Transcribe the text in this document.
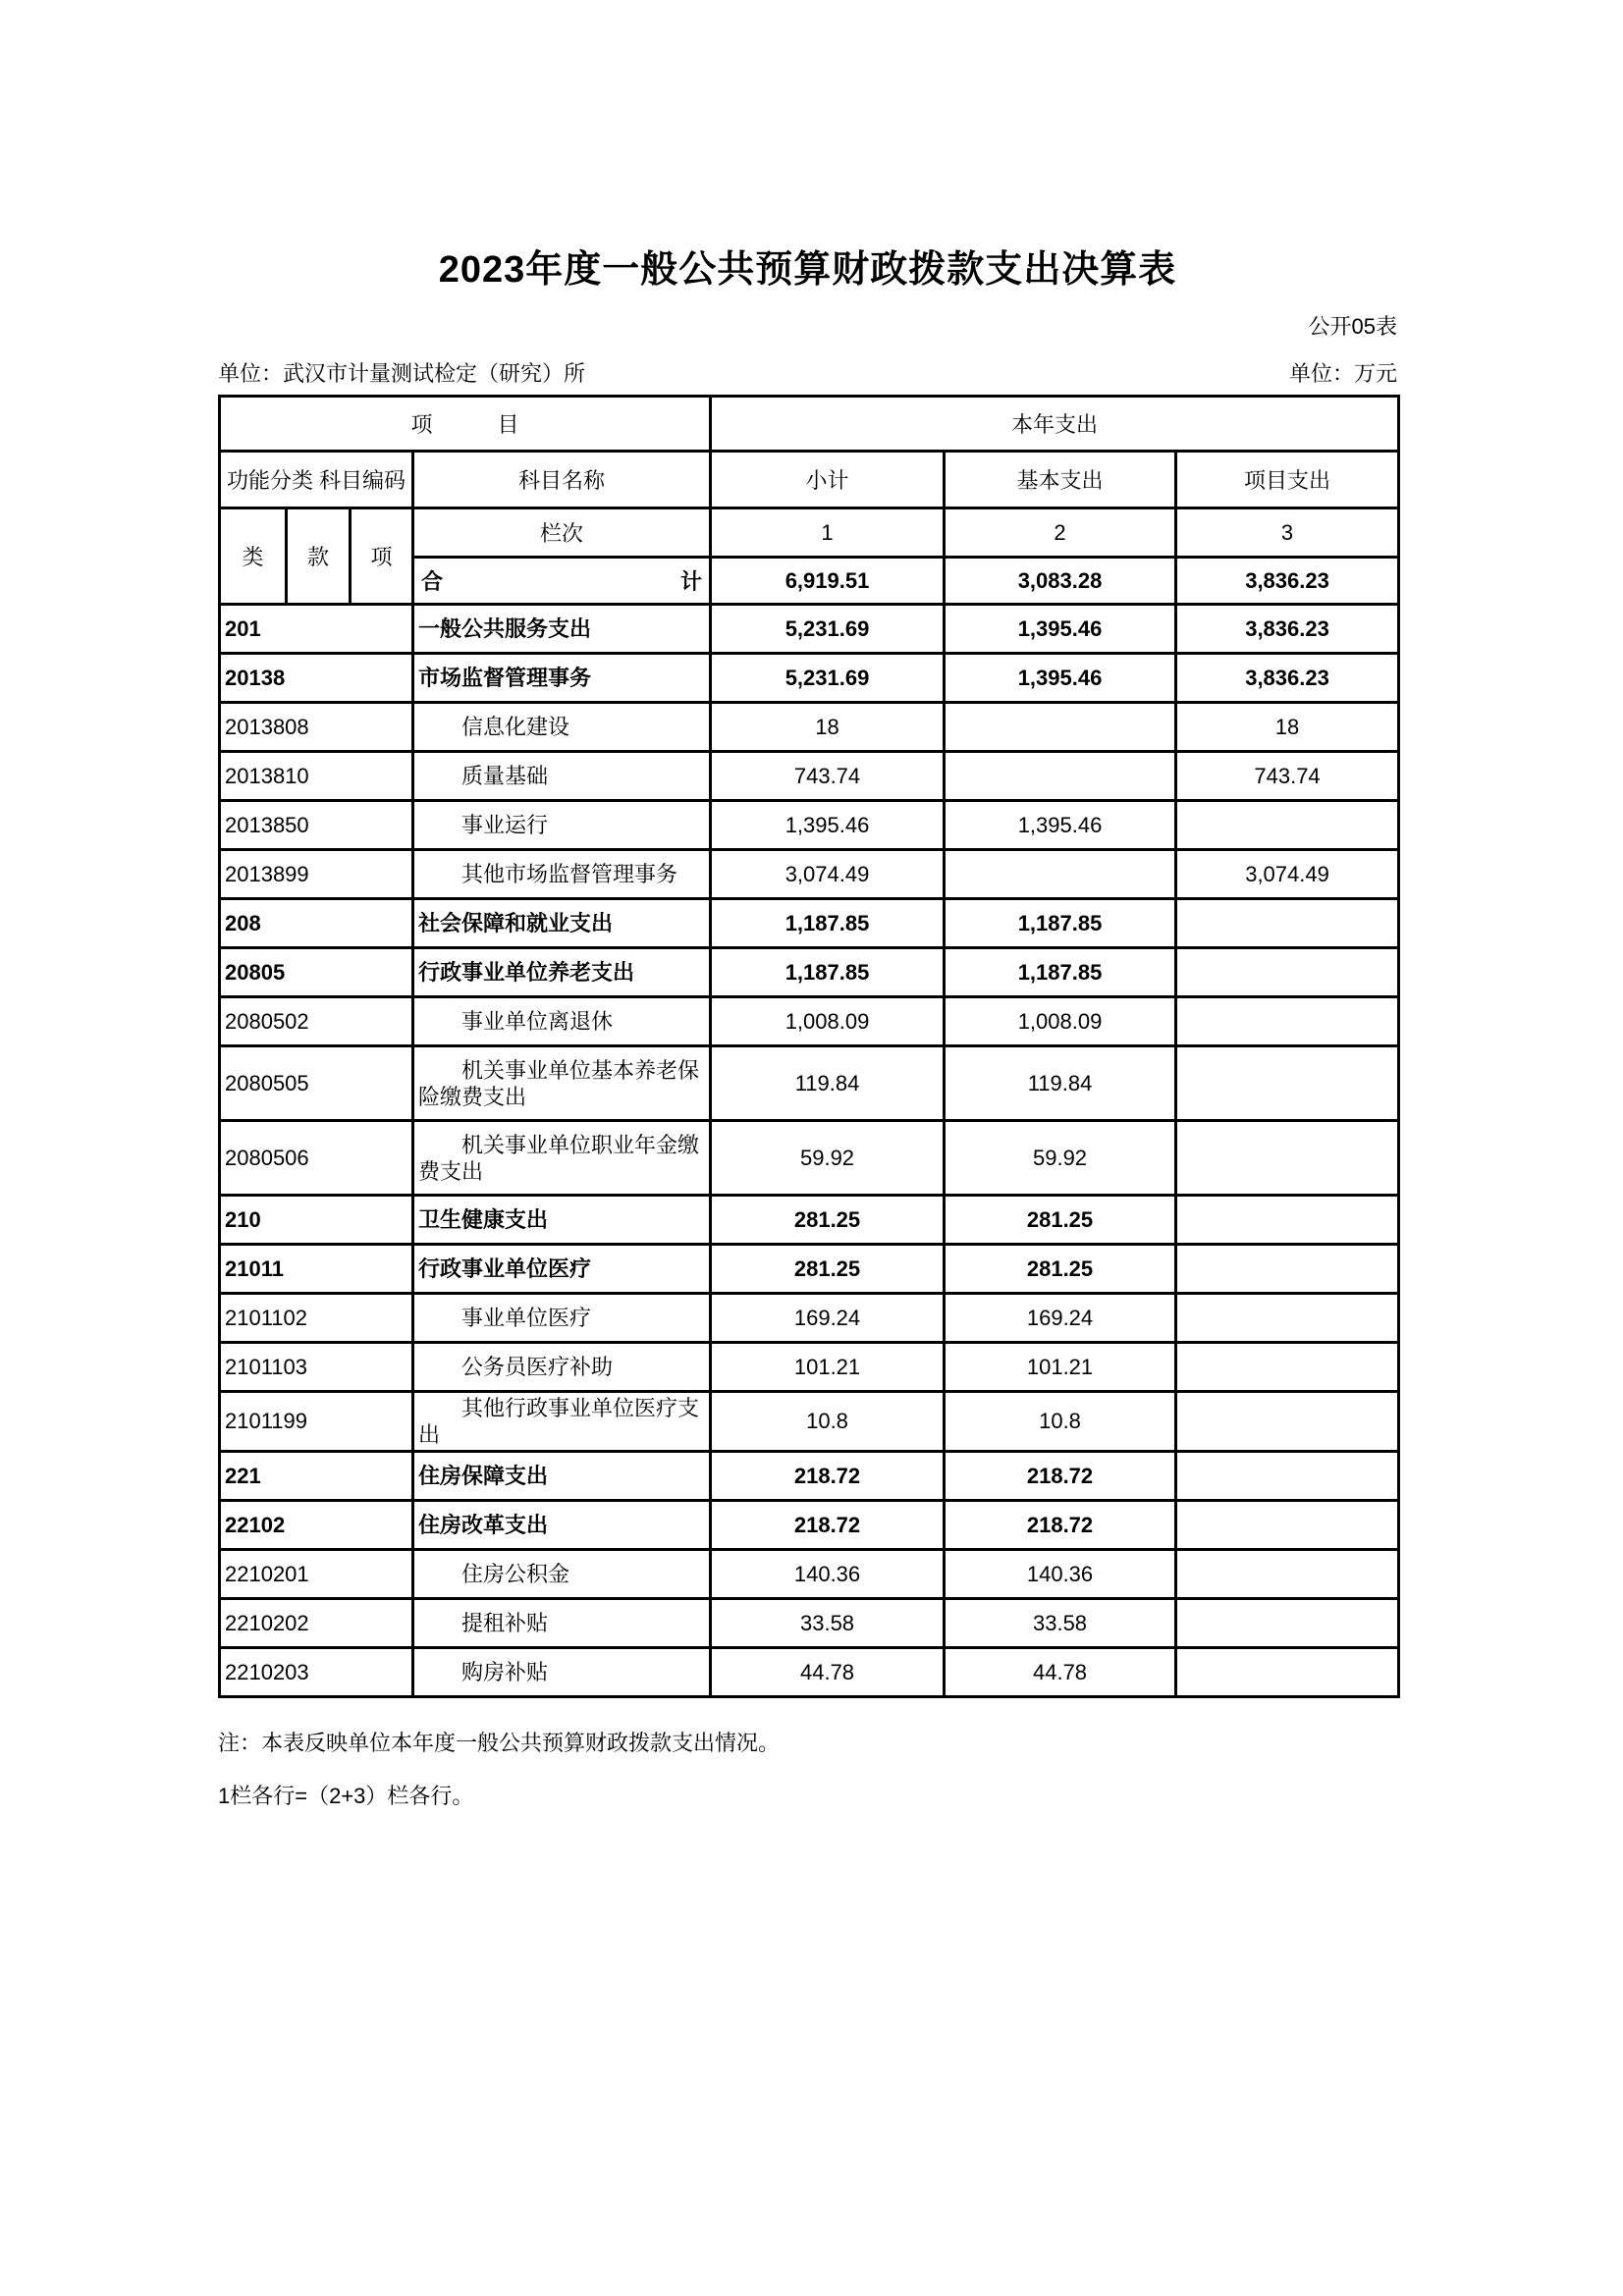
2023年度一般公共预算财政拨款支出决算表
公开05表
单位：武汉市计量测试检定（研究）所	单位：万元
项　　　目				本年支出		
功能分类 科目编码			科目名称	小计	基本支出	项目支出
类	款	项	栏次	1	2	3

			合 计	6,919.51	3,083.28	3,836.23
201			一般公共服务支出	5,231.69	1,395.46	3,836.23
20138			市场监督管理事务	5,231.69	1,395.46	3,836.23
2013808			信息化建设	18		18
2013810			质量基础	743.74		743.74
2013850			事业运行	1,395.46	1,395.46	
2013899			其他市场监督管理事务	3,074.49		3,074.49
208			社会保障和就业支出	1,187.85	1,187.85	
20805			行政事业单位养老支出	1,187.85	1,187.85	
2080502			事业单位离退休	1,008.09	1,008.09	
2080505			机关事业单位基本养老保险缴费支出	119.84	119.84	
2080506			机关事业单位职业年金缴费支出	59.92	59.92	
210			卫生健康支出	281.25	281.25	
21011			行政事业单位医疗	281.25	281.25	
2101102			事业单位医疗	169.24	169.24	
2101103			公务员医疗补助	101.21	101.21	
2101199			其他行政事业单位医疗支出	10.8	10.8	
221			住房保障支出	218.72	218.72	
22102			住房改革支出	218.72	218.72	
2210201			住房公积金	140.36	140.36	
2210202			提租补贴	33.58	33.58	
2210203			购房补贴	44.78	44.78	
注：本表反映单位本年度一般公共预算财政拨款支出情况。
1栏各行=（2+3）栏各行。
